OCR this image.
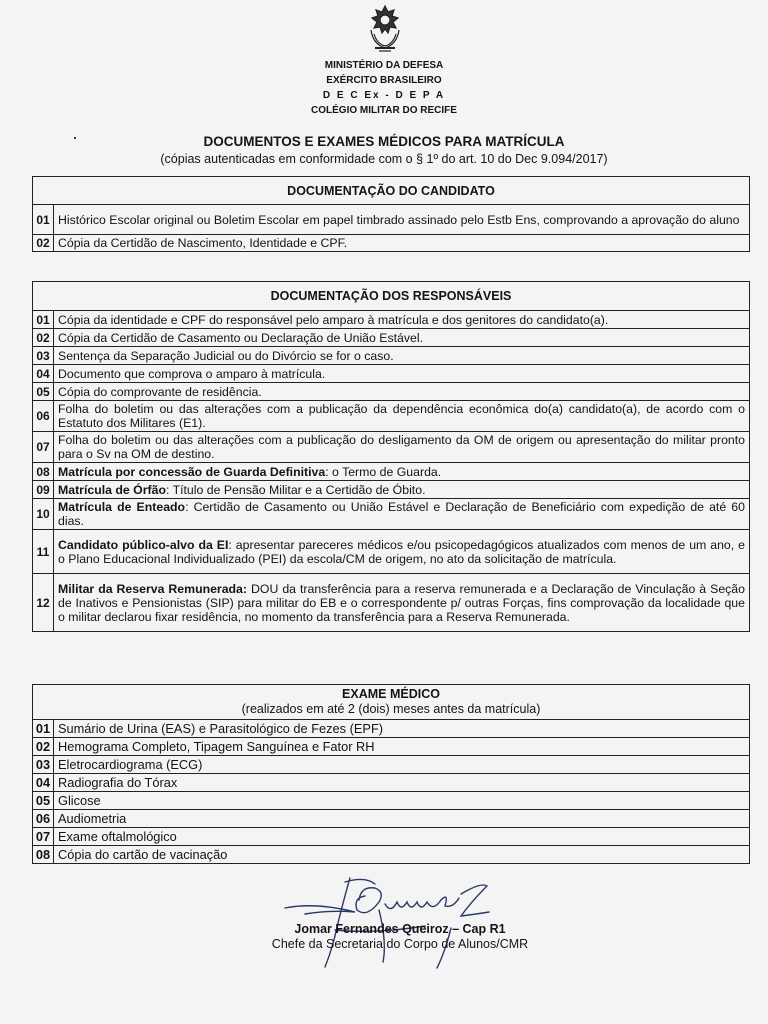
MINISTÉRIO DA DEFESA
EXÉRCITO BRASILEIRO
D E C Ex - D E P A
COLÉGIO MILITAR DO RECIFE
DOCUMENTOS E EXAMES MÉDICOS PARA MATRÍCULA
(cópias autenticadas em conformidade com o § 1º do art. 10 do Dec 9.094/2017)
DOCUMENTAÇÃO DO CANDIDATO	
01	Histórico Escolar original ou Boletim Escolar em papel timbrado assinado pelo Estb Ens, comprovando a aprovação do aluno
02	Cópia da Certidão de Nascimento, Identidade e CPF.
DOCUMENTAÇÃO DOS RESPONSÁVEIS	
01	Cópia da identidade e CPF do responsável pelo amparo à matrícula e dos genitores do candidato(a).
02	Cópia da Certidão de Casamento ou Declaração de União Estável.
03	Sentença da Separação Judicial ou do Divórcio se for o caso.
04	Documento que comprova o amparo à matrícula.
05	Cópia do comprovante de residência.
06	Folha do boletim ou das alterações com a publicação da dependência econômica do(a) candidato(a), de acordo com o Estatuto dos Militares (E1).
07	Folha do boletim ou das alterações com a publicação do desligamento da OM de origem ou apresentação do militar pronto para o Sv na OM de destino.
08	Matrícula por concessão de Guarda Definitiva: o Termo de Guarda.
09	Matrícula de Órfão: Título de Pensão Militar e a Certidão de Óbito.
10	Matrícula de Enteado: Certidão de Casamento ou União Estável e Declaração de Beneficiário com expedição de até 60 dias.
11	Candidato público-alvo da EI: apresentar pareceres médicos e/ou psicopedagógicos atualizados com menos de um ano, e o Plano Educacional Individualizado (PEI) da escola/CM de origem, no ato da solicitação de matrícula.
12	Militar da Reserva Remunerada: DOU da transferência para a reserva remunerada e a Declaração de Vinculação à Seção de Inativos e Pensionistas (SIP) para militar do EB e o correspondente p/ outras Forças, fins comprovação da localidade que o militar declarou fixar residência, no momento da transferência para a Reserva Remunerada.
EXAME MÉDICO
(realizados em até 2 (dois) meses antes da matrícula)	

01	Sumário de Urina (EAS) e Parasitológico de Fezes (EPF)
02	Hemograma Completo, Tipagem Sanguínea e Fator RH
03	Eletrocardiograma (ECG)
04	Radiografia do Tórax
05	Glicose
06	Audiometria
07	Exame oftalmológico
08	Cópia do cartão de vacinação
Jomar Fernandes Queiroz – Cap R1
Chefe da Secretaria do Corpo de Alunos/CMR
